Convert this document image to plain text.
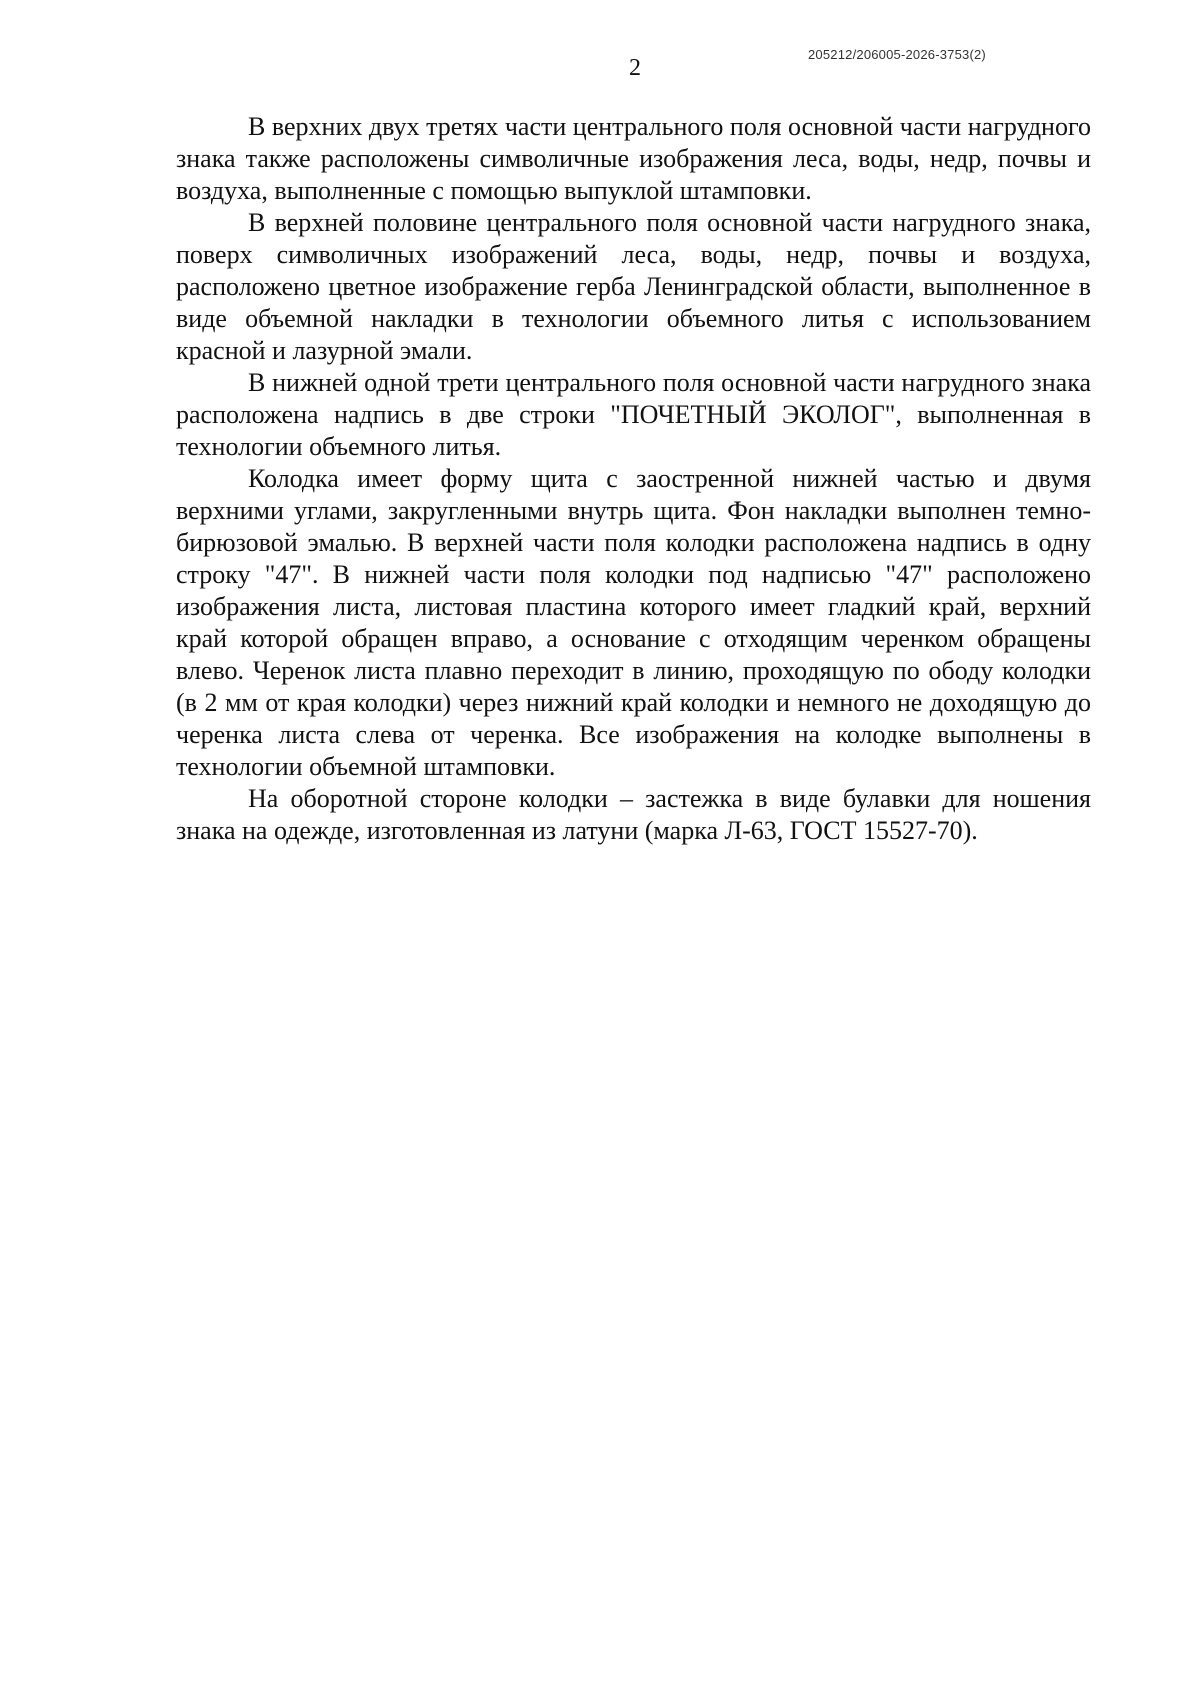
205212/206005-2026-3753(2)
2

В верхних двух третях части центрального поля основной части нагрудного знака также расположены символичные изображения леса, воды, недр, почвы и воздуха, выполненные с помощью выпуклой штамповки.

В верхней половине центрального поля основной части нагрудного знака, поверх символичных изображений леса, воды, недр, почвы и воздуха, расположено цветное изображение герба Ленинградской области, выполненное в виде объемной накладки в технологии объемного литья с использованием красной и лазурной эмали.

В нижней одной трети центрального поля основной части нагрудного знака расположена надпись в две строки "ПОЧЕТНЫЙ ЭКОЛОГ", выполненная в технологии объемного литья.

Колодка имеет форму щита с заостренной нижней частью и двумя верхними углами, закругленными внутрь щита. Фон накладки выполнен темно-бирюзовой эмалью. В верхней части поля колодки расположена надпись в одну строку "47". В нижней части поля колодки под надписью "47" расположено изображения листа, листовая пластина которого имеет гладкий край, верхний край которой обращен вправо, а основание с отходящим черенком обращены влево. Черенок листа плавно переходит в линию, проходящую по ободу колодки (в 2 мм от края колодки) через нижний край колодки и немного не доходящую до черенка листа слева от черенка. Все изображения на колодке выполнены в технологии объемной штамповки.

На оборотной стороне колодки – застежка в виде булавки для ношения знака на одежде, изготовленная из латуни (марка Л-63, ГОСТ 15527-70).
